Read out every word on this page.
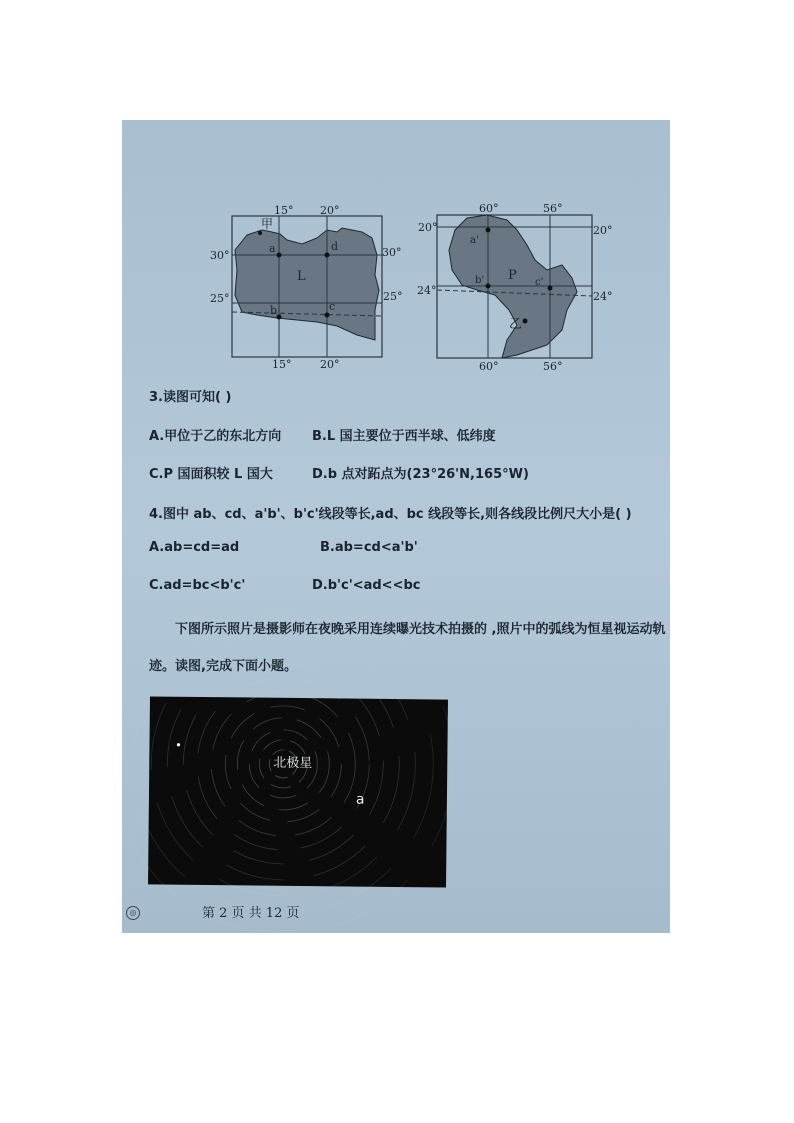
15° 20°
15°	20°
30°	30°
25°	25°
L
甲
a	d
b	c
60°	56°
60°	56°
20°	20°
24°	24°
P
乙
a'
b'	c'
3.读图可知( )
A.甲位于乙的东北方向 B.L 国主要位于西半球、低纬度
C.P 国面积较 L 国大	D.b 点对跖点为(23°26'N,165°W)
4.图中 ab、cd、a'b'、b'c'线段等长,ad、bc 线段等长,则各线段比例尺大小是( )
A.ab=cd=ad	B.ab=cd<a'b'
C.ad=bc<b'c'	D.b'c'<ad<<bc
下图所示照片是摄影师在夜晚采用连续曝光技术拍摄的 ,照片中的弧线为恒星视运动轨
迹。读图,完成下面小题。
北极星
a
第 2 页 共 12 页
◎
